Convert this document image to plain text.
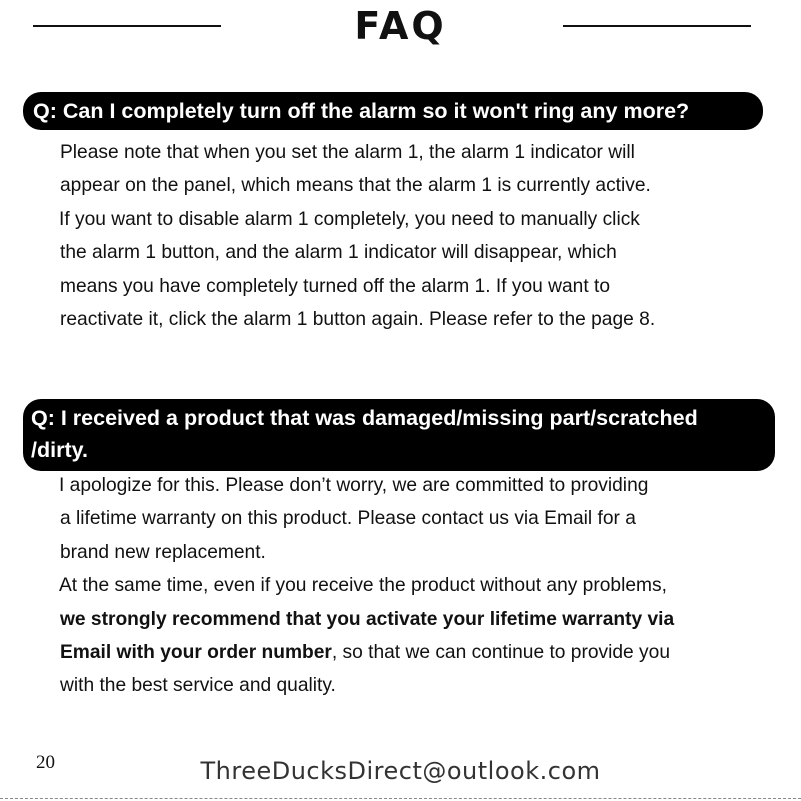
FAQ
Q: Can I completely turn off the alarm so it won't ring any more?
Please note that when you set the alarm 1, the alarm 1 indicator will
appear on the panel, which means that the alarm 1 is currently active.
If you want to disable alarm 1 completely, you need to manually click
the alarm 1 button, and the alarm 1 indicator will disappear, which
means you have completely turned off the alarm 1. If you want to
reactivate it, click the alarm 1 button again. Please refer to the page 8.
Q: I received a product that was damaged/missing part/scratched
/dirty.
I apologize for this. Please don’t worry, we are committed to providing
a lifetime warranty on this product. Please contact us via Email for a
brand new replacement.
At the same time, even if you receive the product without any problems,
we strongly recommend that you activate your lifetime warranty via
Email with your order number, so that we can continue to provide you
with the best service and quality.
20	ThreeDucksDirect@outlook.com
